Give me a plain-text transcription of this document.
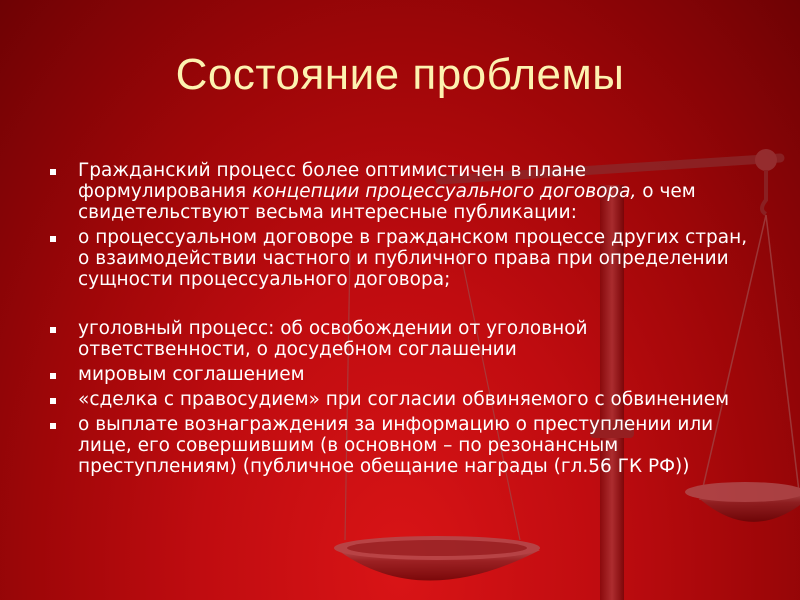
Состояние проблемы
Гражданский процесс более оптимистичен в плане формулирования концепции процессуального договора, о чем свидетельствуют весьма интересные публикации:
о процессуальном договоре в гражданском процессе других стран, о взаимодействии частного и публичного права при определении сущности процессуального договора;
уголовный процесс: об освобождении от уголовной ответственности, о досудебном соглашении
мировым соглашением
«сделка с правосудием» при согласии обвиняемого с обвинением
о выплате вознаграждения за информацию о преступлении или лице, его совершившим (в основном – по резонансным преступлениям) (публичное обещание награды (гл.56 ГК РФ))
